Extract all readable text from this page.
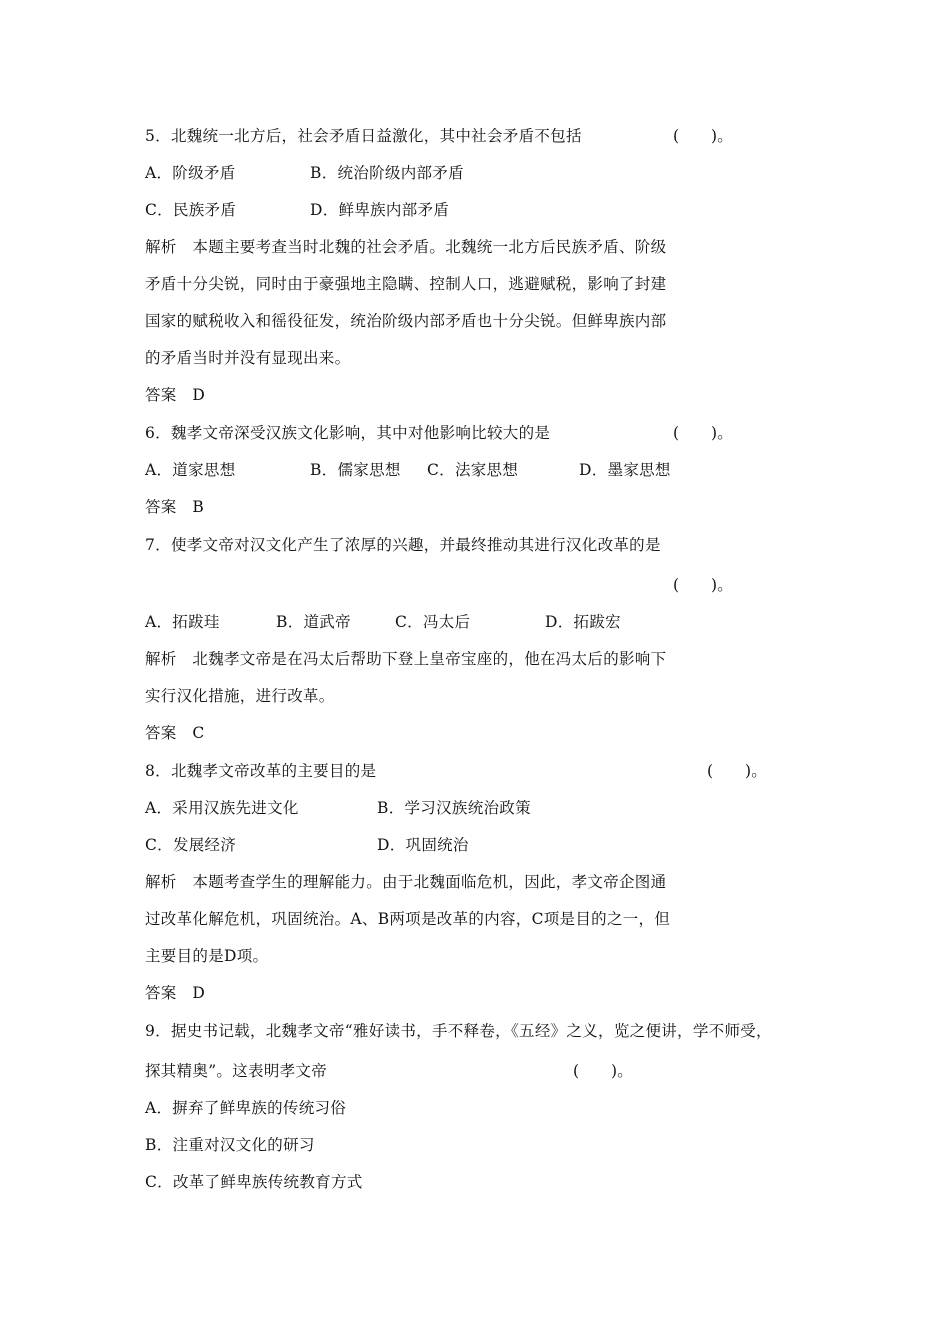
5．北魏统一北方后，社会矛盾日益激化，其中社会矛盾不包括	(　　)。
A．阶级矛盾	B．统治阶级内部矛盾
C．民族矛盾	D．鲜卑族内部矛盾
解析　本题主要考查当时北魏的社会矛盾。北魏统一北方后民族矛盾、阶级
矛盾十分尖锐，同时由于豪强地主隐瞒、控制人口，逃避赋税，影响了封建
国家的赋税收入和徭役征发，统治阶级内部矛盾也十分尖锐。但鲜卑族内部
的矛盾当时并没有显现出来。
答案　D
6．魏孝文帝深受汉族文化影响，其中对他影响比较大的是	(　　)。
A．道家思想	B．儒家思想 C．法家思想	D．墨家思想
答案　B
7．使孝文帝对汉文化产生了浓厚的兴趣，并最终推动其进行汉化改革的是
(　　)。
A．拓跋珪	B．道武帝	C．冯太后	D．拓跋宏
解析　北魏孝文帝是在冯太后帮助下登上皇帝宝座的，他在冯太后的影响下
实行汉化措施，进行改革。
答案　C
8．北魏孝文帝改革的主要目的是	(　　)。
A．采用汉族先进文化	B．学习汉族统治政策
C．发展经济	D．巩固统治
解析　本题考查学生的理解能力。由于北魏面临危机，因此，孝文帝企图通
过改革化解危机，巩固统治。A、B两项是改革的内容，C项是目的之一，但
主要目的是D项。
答案　D
9．据史书记载，北魏孝文帝“雅好读书，手不释卷，《五经》之义，览之便讲，学不师受，
探其精奥”。这表明孝文帝	(　　)。
A．摒弃了鲜卑族的传统习俗
B．注重对汉文化的研习
C．改革了鲜卑族传统教育方式
